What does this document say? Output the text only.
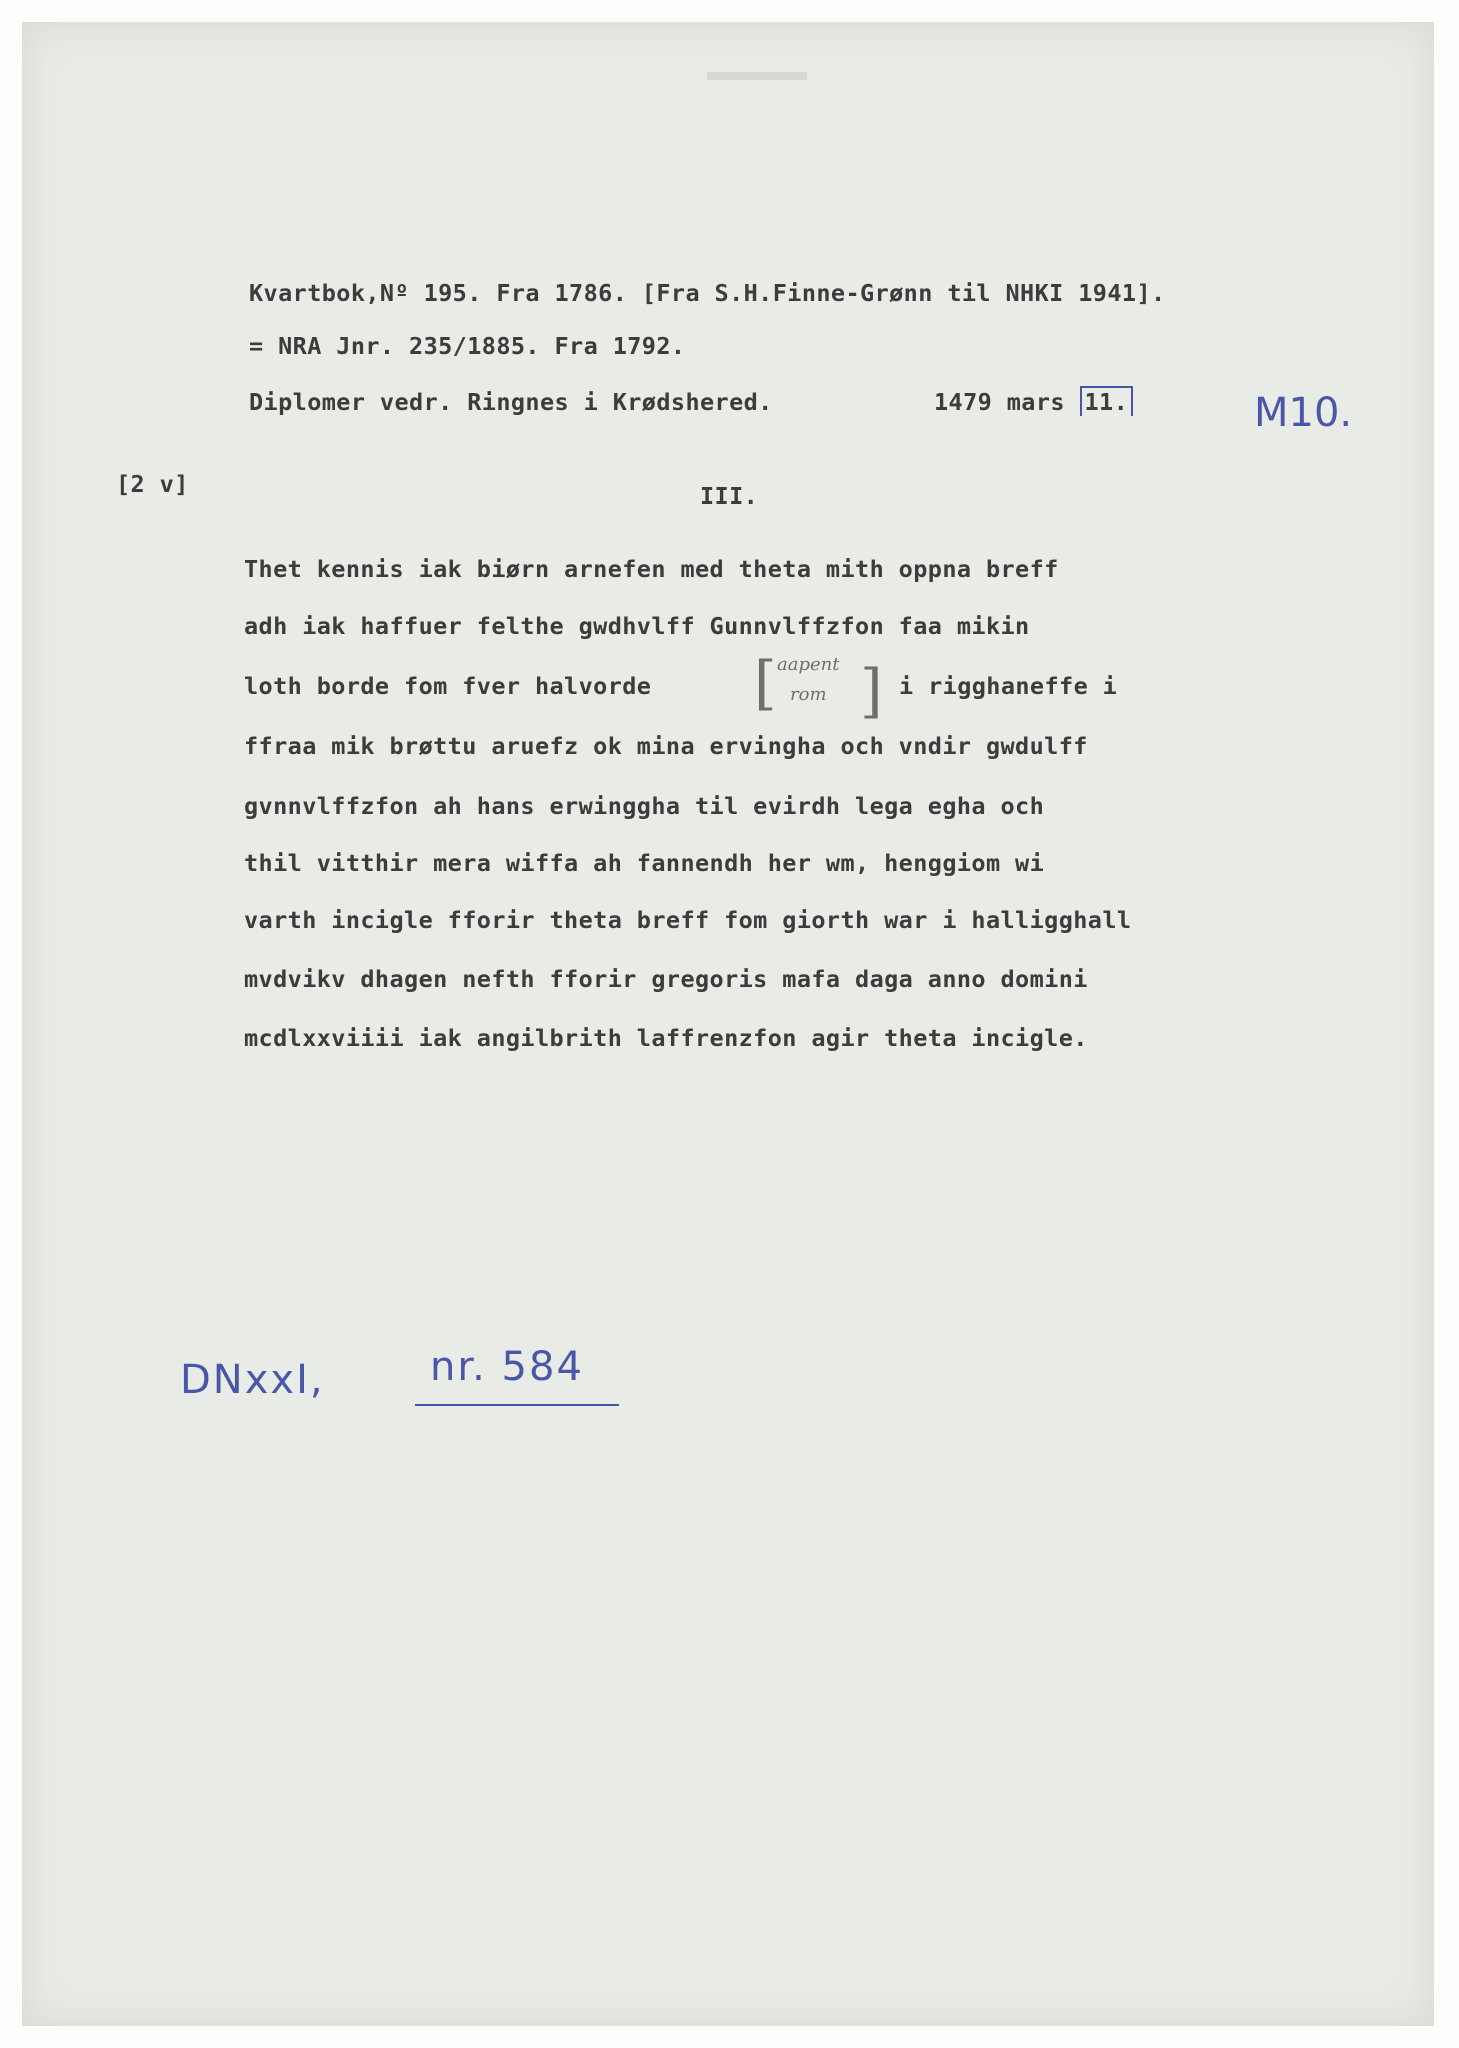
Kvartbok,Nº 195. Fra 1786. [Fra S.H.Finne-Grønn til NHKI 1941].
= NRA Jnr. 235/1885. Fra 1792.
Diplomer vedr. Ringnes i Krødshered.	1479 mars 11.	M10.
[2 v]	III.
Thet kennis iak biørn arnefen med theta mith oppna breff
adh iak haffuer felthe gwdhvlff Gunnvlffzfon faa mikin
loth borde fom fver halvorde [ aapent
rom ] i rigghaneffe i
ffraa mik brøttu aruefz ok mina ervingha och vndir gwdulff
gvnnvlffzfon ah hans erwinggha til evirdh lega egha och
thil vitthir mera wiffa ah fannendh her wm, henggiom wi
varth incigle fforir theta breff fom giorth war i halligghall
mvdvikv dhagen nefth fforir gregoris mafa daga anno domini
mcdlxxviiii iak angilbrith laffrenzfon agir theta incigle.
DNxxI,	nr. 584
